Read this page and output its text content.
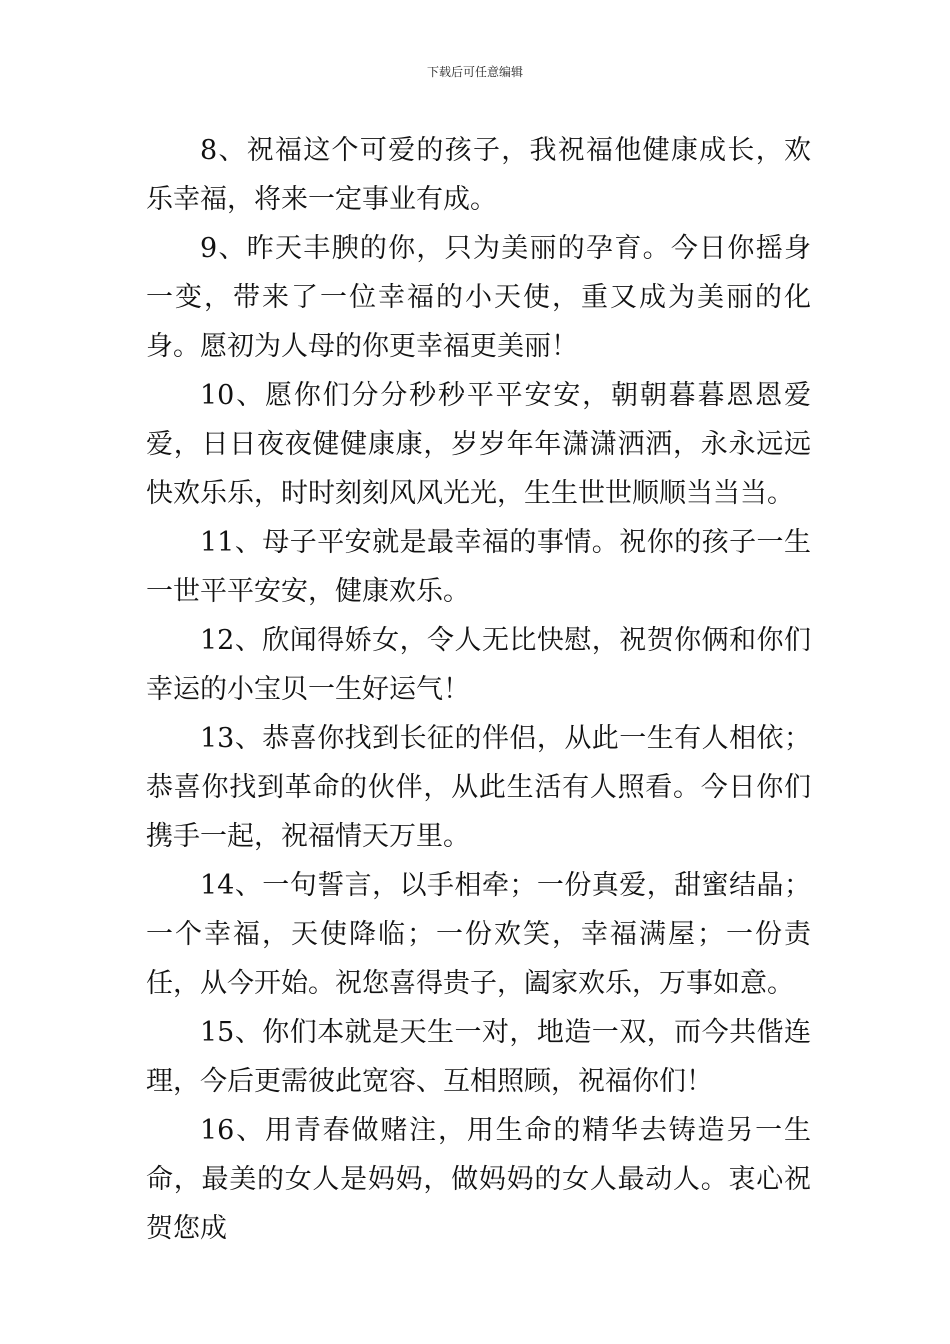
下载后可任意编辑

8、祝福这个可爱的孩子，我祝福他健康成长，欢乐幸福，将来一定事业有成。

9、昨天丰腴的你，只为美丽的孕育。今日你摇身一变，带来了一位幸福的小天使，重又成为美丽的化身。愿初为人母的你更幸福更美丽！

10、愿你们分分秒秒平平安安，朝朝暮暮恩恩爱爱，日日夜夜健健康康，岁岁年年潇潇洒洒，永永远远快欢乐乐，时时刻刻风风光光，生生世世顺顺当当当。

11、母子平安就是最幸福的事情。祝你的孩子一生一世平平安安，健康欢乐。

12、欣闻得娇女，令人无比快慰，祝贺你俩和你们幸运的小宝贝一生好运气！

13、恭喜你找到长征的伴侣，从此一生有人相依；恭喜你找到革命的伙伴，从此生活有人照看。今日你们携手一起，祝福情天万里。

14、一句誓言，以手相牵；一份真爱，甜蜜结晶；一个幸福，天使降临；一份欢笑，幸福满屋；一份责任，从今开始。祝您喜得贵子，阖家欢乐，万事如意。

15、你们本就是天生一对，地造一双，而今共偕连理，今后更需彼此宽容、互相照顾，祝福你们！

16、用青春做赌注，用生命的精华去铸造另一生命，最美的女人是妈妈，做妈妈的女人最动人。衷心祝贺您成
